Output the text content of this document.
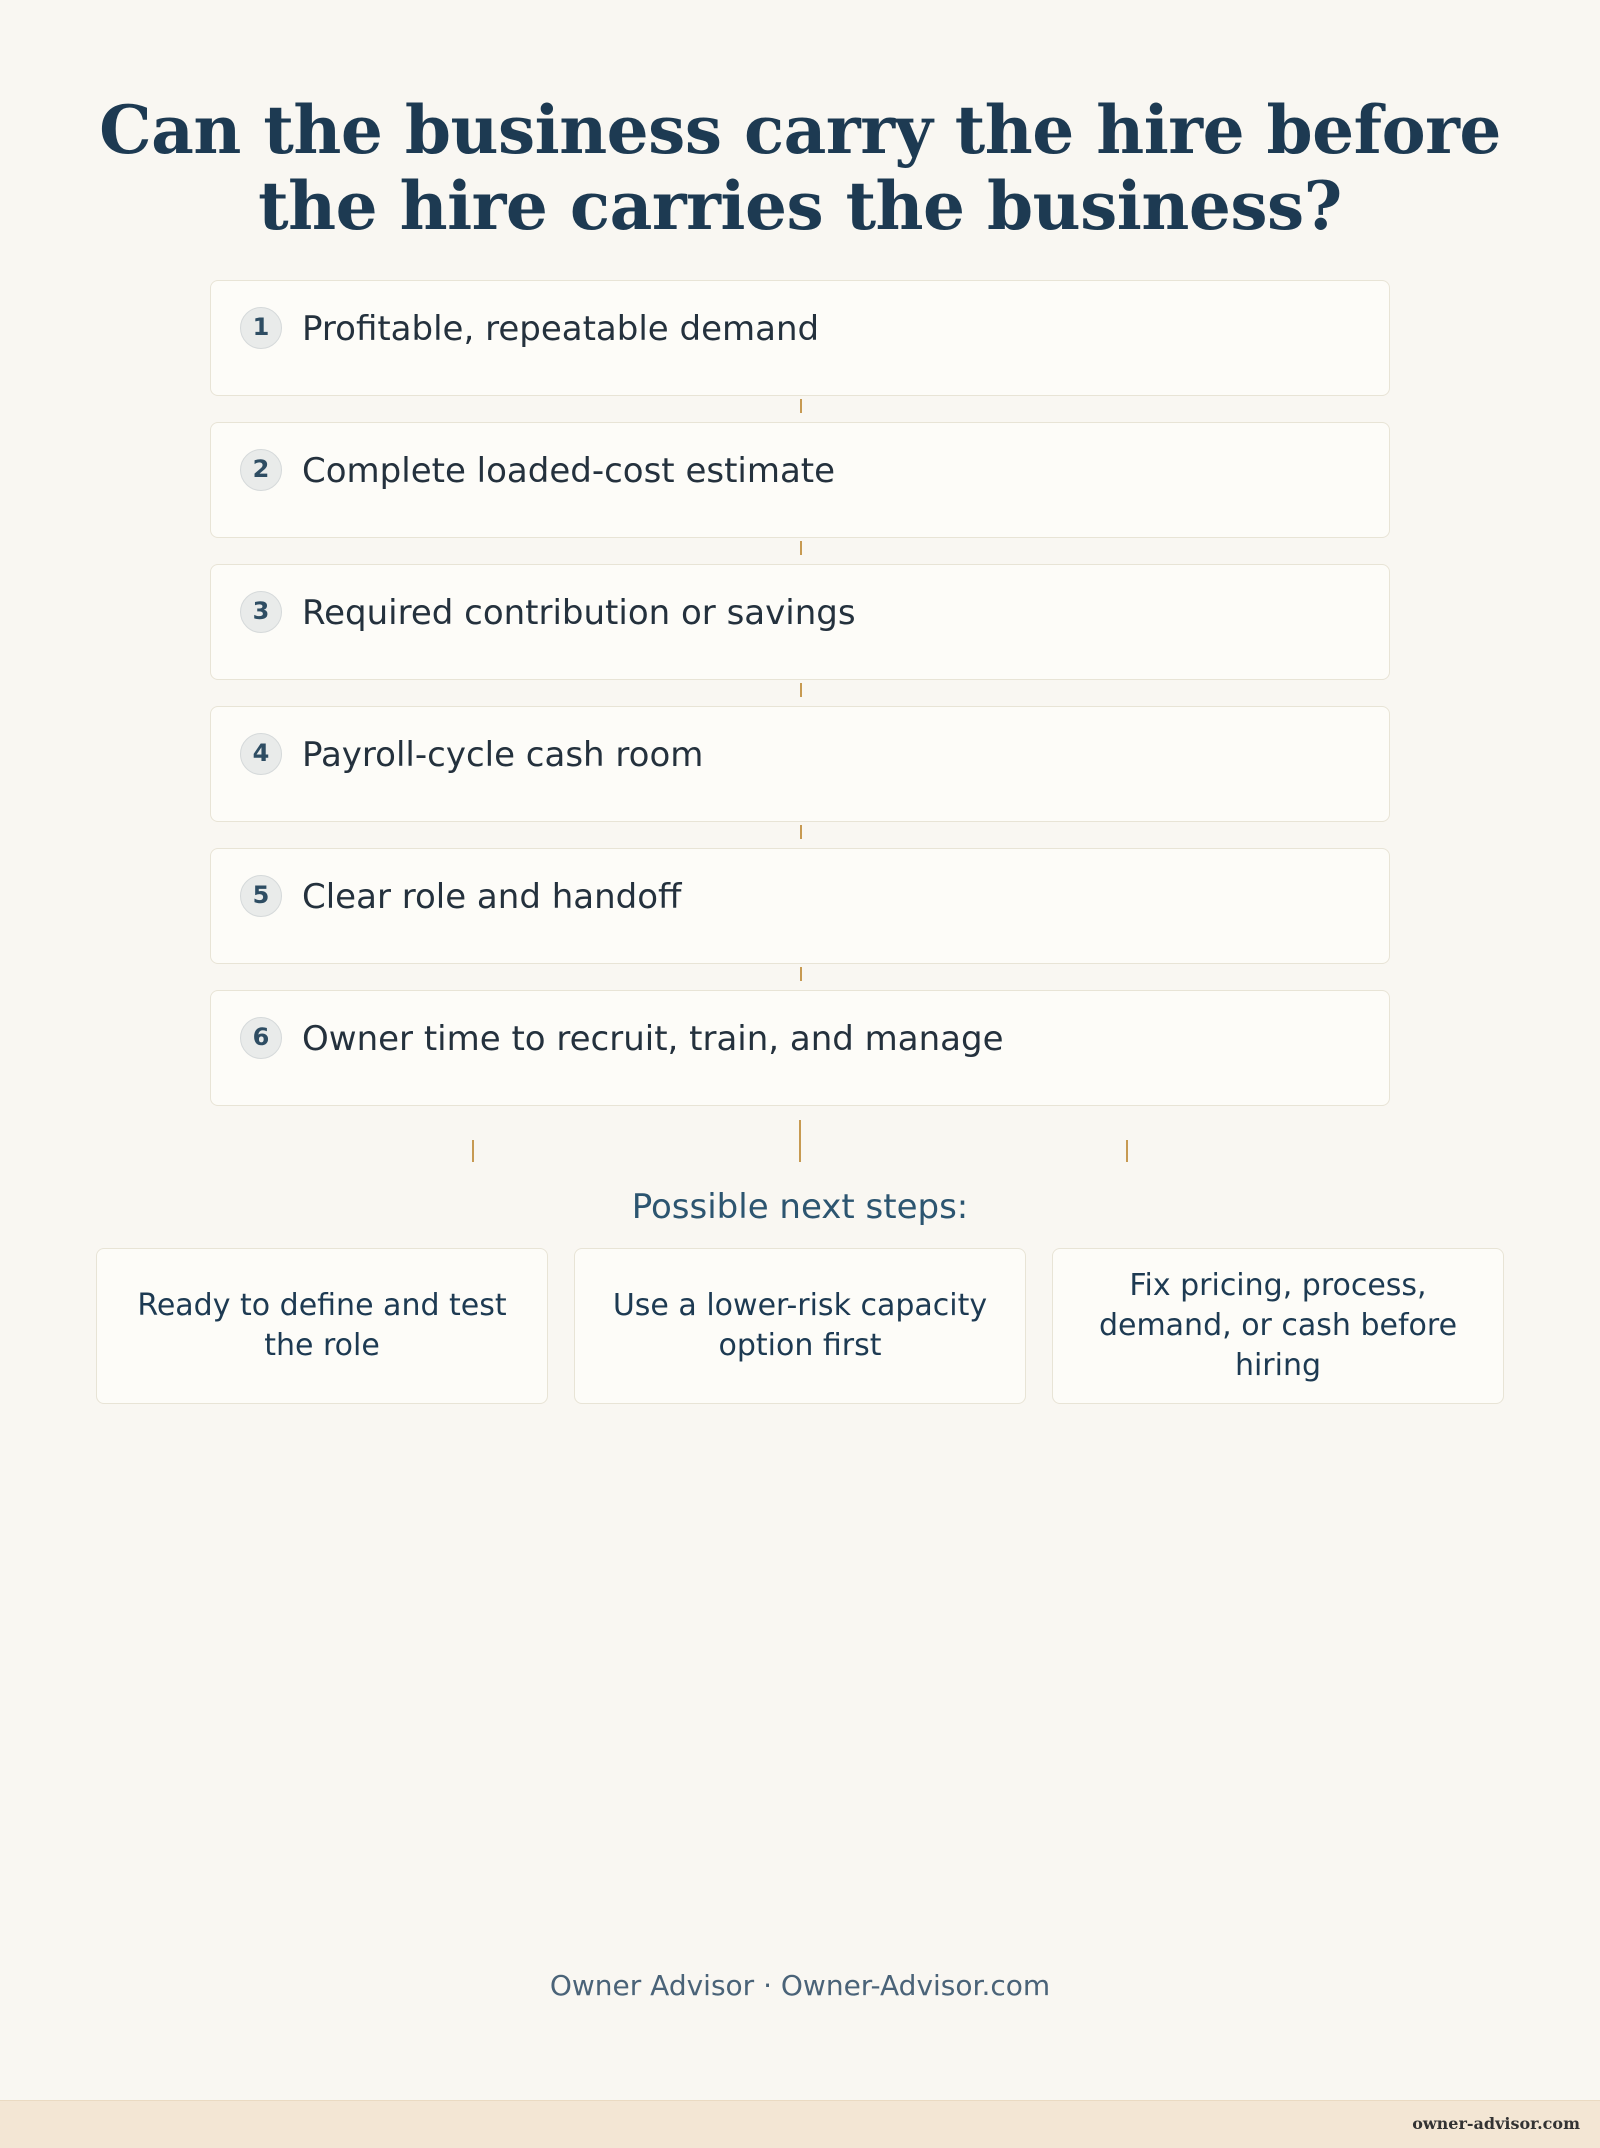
Can the business carry the hire before the hire carries the business?
1 Profitable, repeatable demand
2 Complete loaded-cost estimate
3 Required contribution or savings
4 Payroll-cycle cash room
5 Clear role and handoff
6 Owner time to recruit, train, and manage
Possible next steps:
Ready to define and test the role
Use a lower-risk capacity option first
Fix pricing, process, demand, or cash before hiring
Owner Advisor · Owner-Advisor.com
owner-advisor.com
